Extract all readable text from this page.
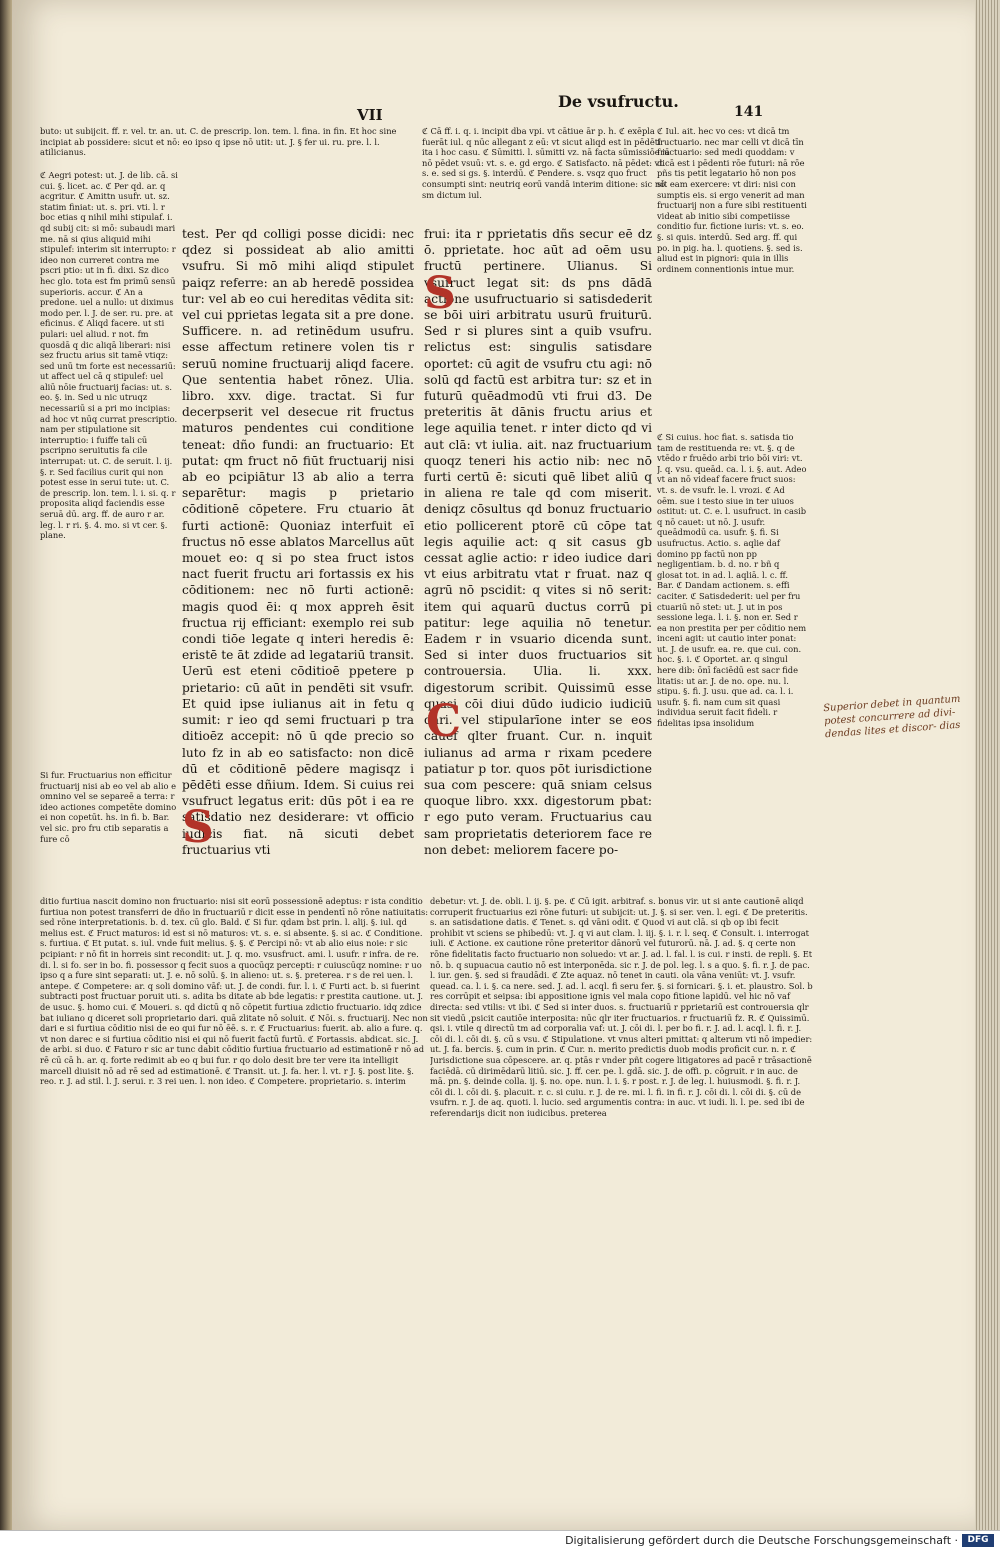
VII
De vsufructu.
141

ℭ Cā ff. i. q. i. incipit dba vpi. vt cātiue ār p. h. ℭ exēpla fuerāt iul. q nūc allegant z eū: vt sicut aliqd est in pēdēti ita i hoc casu. ℭ Sūmitti. l. sūmitti vz. nā facta sūmissiōe iā nō pēdet vsuū: vt. s. e. gd ergo. ℭ Satisfacto. nā pēdet: vt. s. e. sed si gs. §. interdū. ℭ Pendere. s. vsqz quo fruct consumpti sint: neutriq eorū vandā interim ditione: sic nō sm dictum iul.

ℭ Iul. ait. hec vo ces: vt dicā tm fructuario. nec mar celli vt dicā tīn fructuario: sed medi quoddam: v dicā est i pēdenti rōe futuri: nā rōe pñs tis petit legatario hō non pos sit eam exercere: vt diri: nisi con sumptis eis. si ergo venerit ad man fructuarij non a fure sibi restituenti videat ab initio sibi competiisse conditio fur. fictione iuris: vt. s. eo. §. si quis. interdū. Sed arg. ff. qui po. in pig. ha. l. quotiens. §. sed is. aliud est in pignori: quia in illis ordinem connentionis intue mur.

buto: ut subijcit. ff. r. vel. tr. an. ut. C. de prescrip. lon. tem. l. fina. in fin. Et hoc sine incipiat ab possidere: sicut et nō: eo ipso q ipse nō utit: ut. J. § fer ui. ru. pre. l. l. atilicianus.

ℭ Aegri potest: ut. J. de lib. cā. si cui. §. licet. ac. ℭ Per qd. ar. q acgritur. ℭ Amittn usufr. ut. sz. statim finiat: ut. s. pri. vti. l. r boc etias q nihil mihi stipulaf. i. qd subij cit: si mō: subaudi mari me. nā si qius aliquid mihi stipulef: interim sit interrupto: r ideo non curreret contra me pscri ptio: ut in fi. dixi. Sz dico hec glo. tota est fm primū sensū superioris. accur. ℭ An a predone. uel a nullo: ut diximus modo per. l. J. de ser. ru. pre. at eficinus. ℭ Aliqd facere. ut sti pulari: uel aliud. r not. fm quosdā q dic aliqā liberari: nisi sez fructu arius sit tamē vtiqz: sed unū tm forte est necessariū: ut affect uel cā q stipulef: uel aliū nōie fructuarij facias: ut. s. eo. §. in. Sed u nic utruqz necessariū si a pri mo incipias: ad hoc vt nūq currat prescriptio. nam per stipulatione sit interruptio: i fuiffe tali cū pscripno seruitutis fa cile interrupat: ut. C. de seruit. l. ij. §. r. Sed facilius curit qui non potest esse in serui tute: ut. C. de prescrip. lon. tem. l. i. si. q. r proposita aliqd faciendis esse seruā dū. arg. ff. de auro r ar. leg. l. r ri. §. 4. mo. si vt cer. §. plane.

Si fur. Fructuarius non efficitur fructuarij nisi ab eo vel ab alio e omnino vel se separeē a terra: r ideo actiones competēte domino ei non copetūt. hs. in fi. b. Bar. vel sic. pro fru ctib separatis a fure cō

test. Per qd colligi posse dicidi: nec qdez si possideat ab alio amitti vsufru. Si mō mihi aliqd stipulet paiqz referre: an ab heredē possidea tur: vel ab eo cui hereditas vēdita sit: vel cui pprietas legata sit a pre done. Sufficere. n. ad retinēdum usufru. esse affectum retinere volen tis r seruū nomine fructuarij aliqd facere. Que sententia habet rōnez. Ulia. libro. xxv. dige. tractat. Si fur decerpserit vel desecue rit fructus maturos pendentes cui conditione teneat: dño fundi: an fructuario: Et putat: qm fruct nō fiūt fructuarij nisi ab eo pcipiātur l3 ab alio a terra separētur: magis p prietario cōditionē cōpetere. Fru ctuario āt furti actionē: Quoniaz interfuit eī fructus nō esse ablatos Marcellus aūt mouet eo: q si po stea fruct istos nact fuerit fructu ari fortassis ex his cōditionem: nec nō furti actionē: magis quod ēi: q mox appreh ēsit fructua rij efficiant: exemplo rei sub condi tiōe legate q interi heredis ē: eristē te āt zdide ad legatariū transit. Uerū est eteni cōditioē ppetere p prietario: cū aūt in pendēti sit vsufr. Et quid ipse iulianus ait in fetu q sumit: r ieo qd semi fructuari p tra ditioēz accepit: nō ū qde precio so luto fz in ab eo satisfacto: non dicē dū et cōditionē pēdere magisqz i pēdēti esse dñium. Idem. Si cuius rei vsufruct legatus erit: dūs pōt i ea re satisdatio nez desiderare: vt officio iudicis fiat. nā sicuti debet fructuarius vti

frui: ita r pprietatis dñs secur eē dz ō. pprietate. hoc aūt ad oēm usu fructū pertinere. Ulianus. Si vsufruct legat sit: ds pns dādā actione usufructuario si satisdederit se bōi uiri arbitratu usurū fruiturū. Sed r si plures sint a quib vsufru. relictus est: singulis satisdare oportet: cū agit de vsufru ctu agi: nō solū qd factū est arbitra tur: sz et in futurū quēadmodū vti frui d3. De preteritis āt dānis fructu arius et lege aquilia tenet. r inter dicto qd vi aut clā: vt iulia. ait. naz fructuarium quoqz teneri his actio nib: nec nō furti certū ē: sicuti quē libet aliū q in aliena re tale qd com miserit. deniqz cōsultus qd bonuz fructuario etio pollicerent ptorē cū cōpe tat legis aquilie act: q sit casus gb cessat aglie actio: r ideo iudice dari vt eius arbitratu vtat r fruat. naz q agrū nō pscidit: q vites si nō serit: item qui aquarū ductus corrū pi patitur: lege aquilia nō tenetur. Eadem r in vsuario dicenda sunt. Sed si inter duos fructuarios sit controuersia. Ulia. li. xxx. digestorum scribit. Quissimū esse quasi cōi diui dūdo iudicio iudiciū dari. vel stipularīone inter se eos cauef qlter fruant. Cur. n. inquit iulianus ad arma r rixam pcedere patiatur p tor. quos pōt iurisdictione sua com pescere: quā sniam celsus quoque libro. xxx. digestorum pbat: r ego puto veram. Fructuarius cau sam proprietatis deteriorem face re non debet: meliorem facere po-

S
C
S

ℭ Si cuius. hoc fiat. s. satisda tio tam de restituenda re: vt. §. q de vtēdo r fruēdo arbi trio bōi viri: vt. J. q. vsu. queād. ca. l. i. §. aut. Adeo vt an nō videaf facere fruct suos: vt. s. de vsufr. le. l. vrozi. ℭ Ad oēm. sue i testo siue in ter uiuos ostitut: ut. C. e. l. usufruct. in casib q nō cauet: ut nō. J. usufr. queādmodū ca. usufr. §. fi. Si usufructus. Actio. s. aqlie daf domino pp factū non pp negligentiam. b. d. no. r bñ q glosat tot. in ad. l. aqliā. l. c. ff. Bar. ℭ Dandam actionem. s. effi caciter. ℭ Satisdederit: uel per fru ctuariū nō stet: ut. J. ut in pos sessione lega. l. i. §. non er. Sed r ea non prestita per per cōditio nem inceni agit: ut cautio inter ponat: ut. J. de usufr. ea. re. que cui. con. hoc. §. i. ℭ Oportet. ar. q singul here dib: ōnī faciēdū est sacr fide litatis: ut ar. J. de no. ope. nu. l. stipu. §. fi. J. usu. que ad. ca. l. i. usufr. §. fi. nam cum sit quasi individua seruit facit fideli. r fidelitas ipsa insolidum

Superior debet in quantum potest concurrere ad divi- dendas lites et discor- dias

ditio furtiua nascit domino non fructuario: nisi sit eorū possessionē adeptus: r ista conditio furtiua non potest transferri de dño in fructuariū r dicit esse in pendentī nō rōne natiuitatis: sed rōne interpretationis. b. d. tex. cū glo. Bald. ℭ Si fur. qdam bst prin. l. alij. §. iul. qd melius est. ℭ Fruct maturos: id est si nō maturos: vt. s. e. si absente. §. si ac. ℭ Conditione. s. furtiua. ℭ Et putat. s. iul. vnde fuit melius. §. §. ℭ Percipi nō: vt ab alio eius noie: r sic pcipiant: r nō fit in horreis sint recondit: ut. J. q. mo. vsusfruct. ami. l. usufr. r infra. de re. di. l. si fo. ser in bo. fi. possessor q fecit suos a quocūqz percepti: r cuiuscūqz nomine: r uo ipso q a fure sint separati: ut. J. e. nō solū. §. in alieno: ut. s. §. preterea. r s de rei uen. l. antepe. ℭ Competere: ar. q soli domino vāf: ut. J. de condi. fur. l. i. ℭ Furti act. b. si fuerint subtracti post fructuar poruit uti. s. adita bs ditate ab bde legatis: r prestita cautione. ut. J. de usuc. §. homo cui. ℭ Moueri. s. qd dictū q nō cōpetit furtiua zdictio fructuario. idq zdice bat iuliano q diceret soli proprietario dari. quā zlitate nō soluit. ℭ Nōi. s. fructuarij. Nec non dari e si furtiua cōditio nisi de eo qui fur nō ēē. s. r. ℭ Fructuarius: fuerit. ab. alio a fure. q. vt non darec e si furtiua cōditio nisi ei qui nō fuerit factū furtū. ℭ Fortassis. abdicat. sic. J. de arbi. si duo. ℭ Faturo r sic ar tunc dabit cōditio furtiua fructuario ad estimationē r nō ad rē cū cā h. ar. q. forte redimit ab eo q bui fur. r qo dolo desit bre ter vere ita intelligit marcell diuisit nō ad rē sed ad estimationē. ℭ Transit. ut. J. fa. her. l. vt. r J. §. post lite. §. reo. r. J. ad stil. l. J. serui. r. 3 rei uen. l. non ideo. ℭ Competere. proprietario. s. interim

debetur: vt. J. de. obli. l. ij. §. pe. ℭ Cū igit. arbitraf. s. bonus vir. ut si ante cautionē aliqd corruperit fructuarius ezi rōne futuri: ut subijcit: ut. J. §. si ser. ven. l. egi. ℭ De preteritis. s. an satisdatione datis. ℭ Tenet. s. qd vāni odit. ℭ Quod vi aut clā. si qb op ibi fecit prohibit vt sciens se phibedū: vt. J. q vi aut clam. l. iij. §. i. r. l. seq. ℭ Consult. i. interrogat iuli. ℭ Actione. ex cautione rōne preteritor dānorū vel futurorū. nā. J. ad. §. q certe non rōne fidelitatis facto fructuario non soluedo: vt ar. J. ad. l. fal. l. is cui. r insti. de repli. §. Et nō. b. q supuacua cautio nō est interponēda. sic r. J. de pol. leg. l. s a quo. §. fi. r. J. de pac. l. iur. gen. §. sed si fraudādi. ℭ Zte aquaz. nō tenet in cauti. ola vāna veniūt: vt. J. vsufr. quead. ca. l. i. §. ca nere. sed. J. ad. l. acql. fi seru fer. §. si fornicari. §. i. et. plaustro. Sol. b res corrūpit et seipsa: ibi appositione ignis vel mala copo fitione lapidū. vel hic nō vaf directa: sed vtilis: vt ibi. ℭ Sed si inter duos. s. fructuariū r pprietariū est controuersia qlr sit viedū ,psicit cautiōe interposita: nūc qlr iter fructuarios. r fructuariū fz. R. ℭ Quissimū. qsi. i. vtile q directū tm ad corporalia vaf: ut. J. cōi di. l. per bo fi. r. J. ad. l. acql. l. fi. r. J. cōi di. l. cōi di. §. cū s vsu. ℭ Stipulatione. vt vnus alteri pmittat: q alterum vti nō impedier: ut. J. fa. bercis. §. cum in prin. ℭ Cur. n. merito predictis duob modis proficit cur. n. r. ℭ Jurisdictione sua cōpescere. ar. q. ptās r vnder pñt cogere litigatores ad pacē r trāsactionē faciēdā. cū dirimēdarū litiū. sic. J. ff. cer. pe. l. gdā. sic. J. de offi. p. cōgruit. r in auc. de mā. pn. §. deinde colla. ij. §. no. ope. nun. l. i. §. r post. r. J. de leg. l. huiusmodi. §. fi. r. J. cōi di. l. cōi di. §. placuit. r. c. si cuiu. r. J. de re. mi. l. fi. in fi. r. J. cōi di. l. cōi di. §. cū de vsufrn. r. J. de aq. quoti. l. lucio. sed argumentis contra: in auc. vt iudi. li. l. pe. sed ibi de referendarijs dicit non iudicibus. preterea

Digitalisierung gefördert durch die Deutsche Forschungsgemeinschaft ·	DFG
